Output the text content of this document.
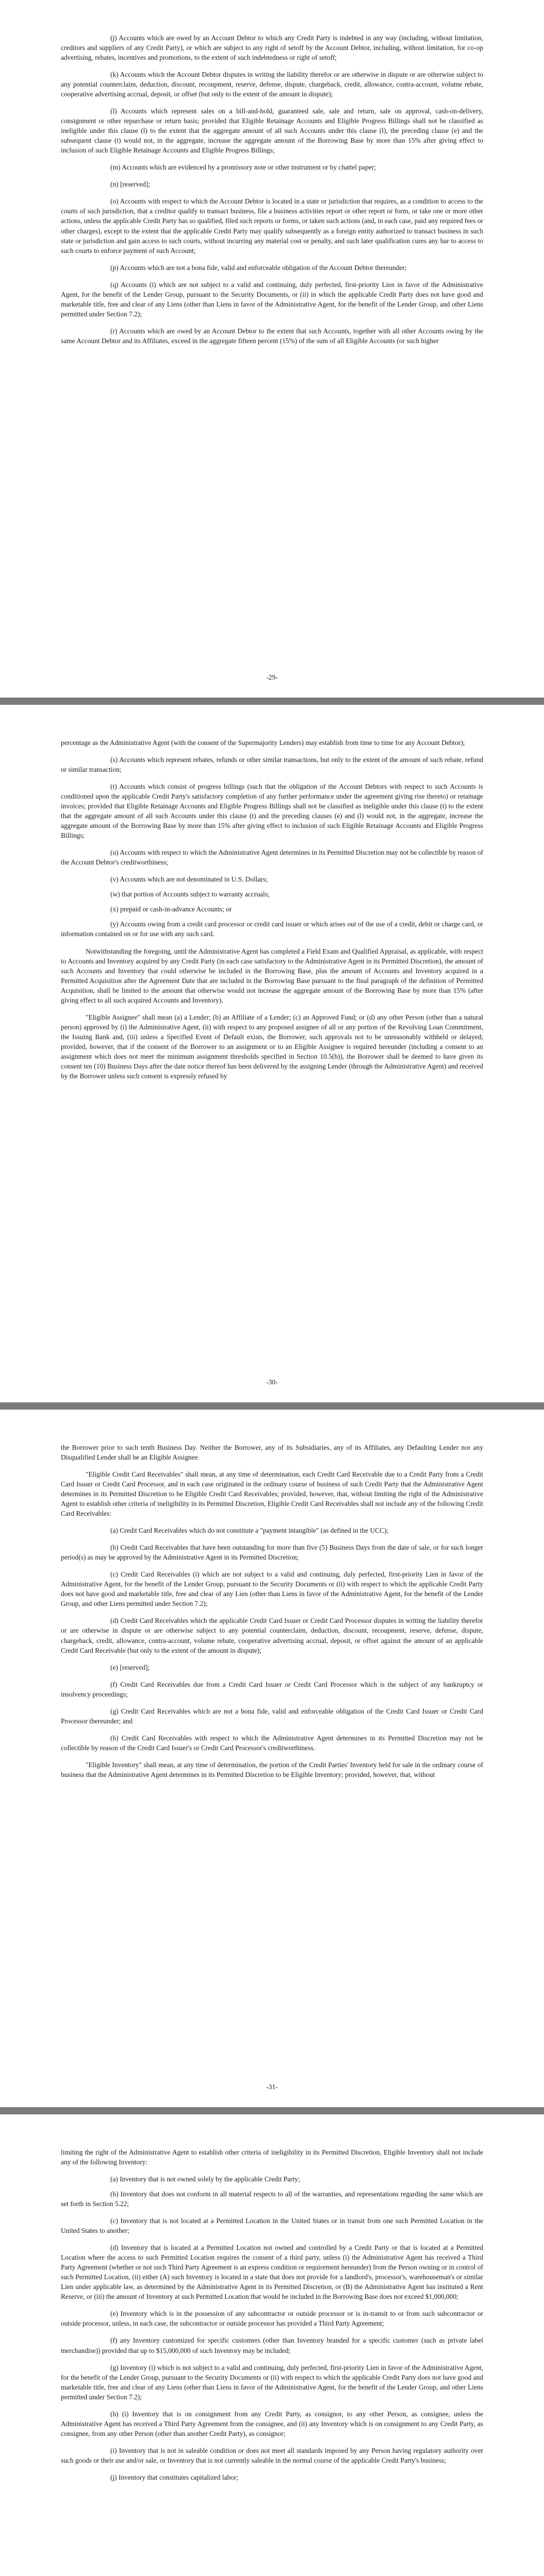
(j) Accounts which are owed by an Account Debtor to which any Credit Party is indebted in any way (including, without limitation, creditors and suppliers of any Credit Party), or which are subject to any right of setoff by the Account Debtor, including, without limitation, for co-op advertising, rebates, incentives and promotions, to the extent of such indebtedness or right of setoff;

(k) Accounts which the Account Debtor disputes in writing the liability therefor or are otherwise in dispute or are otherwise subject to any potential counterclaim, deduction, discount, recoupment, reserve, defense, dispute, chargeback, credit, allowance, contra-account, volume rebate, cooperative advertising accrual, deposit, or offset (but only to the extent of the amount in dispute);

(l) Accounts which represent sales on a bill-and-hold, guaranteed sale, sale and return, sale on approval, cash-on-delivery, consignment or other repurchase or return basis; provided that Eligible Retainage Accounts and Eligible Progress Billings shall not be classified as ineligible under this clause (l) to the extent that the aggregate amount of all such Accounts under this clause (l), the preceding clause (e) and the subsequent clause (t) would not, in the aggregate, increase the aggregate amount of the Borrowing Base by more than 15% after giving effect to inclusion of such Eligible Retainage Accounts and Eligible Progress Billings;

(m) Accounts which are evidenced by a promissory note or other instrument or by chattel paper;

(n) [reserved];

(o) Accounts with respect to which the Account Debtor is located in a state or jurisdiction that requires, as a condition to access to the courts of such jurisdiction, that a creditor qualify to transact business, file a business activities report or other report or form, or take one or more other actions, unless the applicable Credit Party has so qualified, filed such reports or forms, or taken such actions (and, in each case, paid any required fees or other charges), except to the extent that the applicable Credit Party may qualify subsequently as a foreign entity authorized to transact business in such state or jurisdiction and gain access to such courts, without incurring any material cost or penalty, and such later qualification cures any bar to access to such courts to enforce payment of such Account;

(p) Accounts which are not a bona fide, valid and enforceable obligation of the Account Debtor thereunder;

(q) Accounts (i) which are not subject to a valid and continuing, duly perfected, first-priority Lien in favor of the Administrative Agent, for the benefit of the Lender Group, pursuant to the Security Documents, or (ii) in which the applicable Credit Party does not have good and marketable title, free and clear of any Liens (other than Liens in favor of the Administrative Agent, for the benefit of the Lender Group, and other Liens permitted under Section 7.2);

(r) Accounts which are owed by an Account Debtor to the extent that such Accounts, together with all other Accounts owing by the same Account Debtor and its Affiliates, exceed in the aggregate fifteen percent (15%) of the sum of all Eligible Accounts (or such higher

-29-

percentage as the Administrative Agent (with the consent of the Supermajority Lenders) may establish from time to time for any Account Debtor);

(s) Accounts which represent rebates, refunds or other similar transactions, but only to the extent of the amount of such rebate, refund or similar transaction;

(t) Accounts which consist of progress billings (such that the obligation of the Account Debtors with respect to such Accounts is conditioned upon the applicable Credit Party's satisfactory completion of any further performance under the agreement giving rise thereto) or retainage invoices; provided that Eligible Retainage Accounts and Eligible Progress Billings shall not be classified as ineligible under this clause (t) to the extent that the aggregate amount of all such Accounts under this clause (t) and the preceding clauses (e) and (l) would not, in the aggregate, increase the aggregate amount of the Borrowing Base by more than 15% after giving effect to inclusion of such Eligible Retainage Accounts and Eligible Progress Billings;

(u) Accounts with respect to which the Administrative Agent determines in its Permitted Discretion may not be collectible by reason of the Account Debtor's creditworthiness;

(v) Accounts which are not denominated in U.S. Dollars;

(w) that portion of Accounts subject to warranty accruals;

(x) prepaid or cash-in-advance Accounts; or

(y) Accounts owing from a credit card processor or credit card issuer or which arises out of the use of a credit, debit or charge card, or information contained on or for use with any such card.

Notwithstanding the foregoing, until the Administrative Agent has completed a Field Exam and Qualified Appraisal, as applicable, with respect to Accounts and Inventory acquired by any Credit Party (in each case satisfactory to the Administrative Agent in its Permitted Discretion), the amount of such Accounts and Inventory that could otherwise be included in the Borrowing Base, plus the amount of Accounts and Inventory acquired in a Permitted Acquisition after the Agreement Date that are included in the Borrowing Base pursuant to the final paragraph of the definition of Permitted Acquisition, shall be limited to the amount that otherwise would not increase the aggregate amount of the Borrowing Base by more than 15% (after giving effect to all such acquired Accounts and Inventory).

"Eligible Assignee" shall mean (a) a Lender; (b) an Affiliate of a Lender; (c) an Approved Fund; or (d) any other Person (other than a natural person) approved by (i) the Administrative Agent, (ii) with respect to any proposed assignee of all or any portion of the Revolving Loan Commitment, the Issuing Bank and, (iii) unless a Specified Event of Default exists, the Borrower, such approvals not to be unreasonably withheld or delayed; provided, however, that if the consent of the Borrower to an assignment or to an Eligible Assignee is required hereunder (including a consent to an assignment which does not meet the minimum assignment thresholds specified in Section 10.5(b)), the Borrower shall be deemed to have given its consent ten (10) Business Days after the date notice thereof has been delivered by the assigning Lender (through the Administrative Agent) and received by the Borrower unless such consent is expressly refused by

-30-

the Borrower prior to such tenth Business Day. Neither the Borrower, any of its Subsidiaries, any of its Affiliates, any Defaulting Lender nor any Disqualified Lender shall be an Eligible Assignee.

"Eligible Credit Card Receivables" shall mean, at any time of determination, each Credit Card Receivable due to a Credit Party from a Credit Card Issuer or Credit Card Processor, and in each case originated in the ordinary course of business of such Credit Party that the Administrative Agent determines in its Permitted Discretion to be Eligible Credit Card Receivables; provided, however, that, without limiting the right of the Administrative Agent to establish other criteria of ineligibility in its Permitted Discretion, Eligible Credit Card Receivables shall not include any of the following Credit Card Receivables:

(a) Credit Card Receivables which do not constitute a "payment intangible" (as defined in the UCC);

(b) Credit Card Receivables that have been outstanding for more than five (5) Business Days from the date of sale, or for such longer period(s) as may be approved by the Administrative Agent in its Permitted Discretion;

(c) Credit Card Receivables (i) which are not subject to a valid and continuing, duly perfected, first-priority Lien in favor of the Administrative Agent, for the benefit of the Lender Group, pursuant to the Security Documents or (ii) with respect to which the applicable Credit Party does not have good and marketable title, free and clear of any Lien (other than Liens in favor of the Administrative Agent, for the benefit of the Lender Group, and other Liens permitted under Section 7.2);

(d) Credit Card Receivables which the applicable Credit Card Issuer or Credit Card Processor disputes in writing the liability therefor or are otherwise in dispute or are otherwise subject to any potential counterclaim, deduction, discount, recoupment, reserve, defense, dispute, chargeback, credit, allowance, contra-account, volume rebate, cooperative advertising accrual, deposit, or offset against the amount of an applicable Credit Card Receivable (but only to the extent of the amount in dispute);

(e) [reserved];

(f) Credit Card Receivables due from a Credit Card Issuer or Credit Card Processor which is the subject of any bankruptcy or insolvency proceedings;

(g) Credit Card Receivables which are not a bona fide, valid and enforceable obligation of the Credit Card Issuer or Credit Card Processor thereunder; and

(h) Credit Card Receivables with respect to which the Administrative Agent determines in its Permitted Discretion may not be collectible by reason of the Credit Card Issuer's or Credit Card Processor's creditworthiness.

"Eligible Inventory" shall mean, at any time of determination, the portion of the Credit Parties' Inventory held for sale in the ordinary course of business that the Administrative Agent determines in its Permitted Discretion to be Eligible Inventory; provided, however, that, without

-31-

limiting the right of the Administrative Agent to establish other criteria of ineligibility in its Permitted Discretion, Eligible Inventory shall not include any of the following Inventory:

(a) Inventory that is not owned solely by the applicable Credit Party;

(b) Inventory that does not conform in all material respects to all of the warranties, and representations regarding the same which are set forth in Section 5.22;

(c) Inventory that is not located at a Permitted Location in the United States or in transit from one such Permitted Location in the United States to another;

(d) Inventory that is located at a Permitted Location not owned and controlled by a Credit Party or that is located at a Permitted Location where the access to such Permitted Location requires the consent of a third party, unless (i) the Administrative Agent has received a Third Party Agreement (whether or not such Third Party Agreement is an express condition or requirement hereunder) from the Person owning or in control of such Permitted Location, (ii) either (A) such Inventory is located in a state that does not provide for a landlord's, processor's, warehouseman's or similar Lien under applicable law, as determined by the Administrative Agent in its Permitted Discretion, or (B) the Administrative Agent has instituted a Rent Reserve, or (iii) the amount of Inventory at such Permitted Location that would be included in the Borrowing Base does not exceed $1,000,000;

(e) Inventory which is in the possession of any subcontractor or outside processor or is in-transit to or from such subcontractor or outside processor, unless, in each case, the subcontractor or outside processor has provided a Third Party Agreement;

(f) any Inventory customized for specific customers (other than Inventory branded for a specific customer (such as private label merchandise)) provided that up to $15,000,000 of such Inventory may be included;

(g) Inventory (i) which is not subject to a valid and continuing, duly perfected, first-priority Lien in favor of the Administrative Agent, for the benefit of the Lender Group, pursuant to the Security Documents or (ii) with respect to which the applicable Credit Party does not have good and marketable title, free and clear of any Liens (other than Liens in favor of the Administrative Agent, for the benefit of the Lender Group, and other Liens permitted under Section 7.2);

(h) (i) Inventory that is on consignment from any Credit Party, as consignor, to any other Person, as consignee, unless the Administrative Agent has received a Third Party Agreement from the consignee, and (ii) any Inventory which is on consignment to any Credit Party, as consignee, from any other Person (other than another Credit Party), as consignor;

(i) Inventory that is not in saleable condition or does not meet all standards imposed by any Person having regulatory authority over such goods or their use and/or sale, or Inventory that is not currently saleable in the normal course of the applicable Credit Party's business;

(j) Inventory that constitutes capitalized labor;
